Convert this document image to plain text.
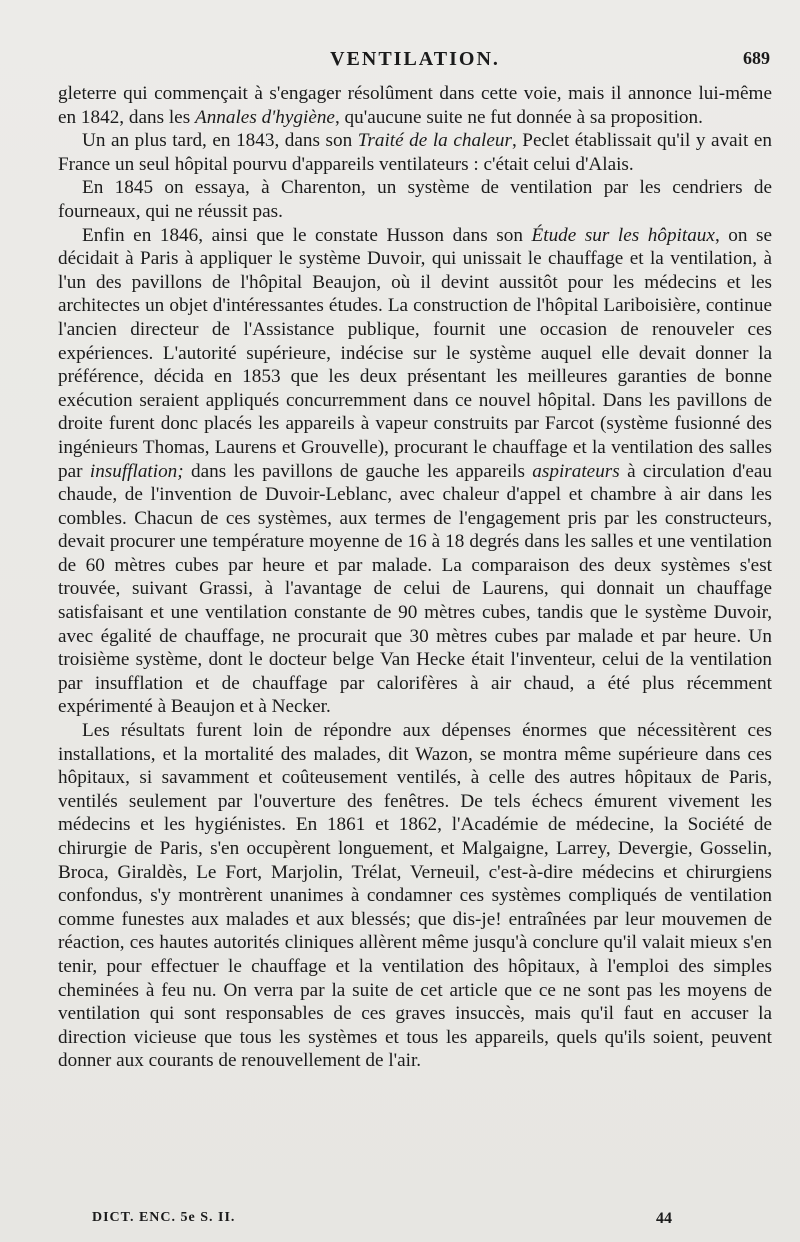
VENTILATION.	689

gleterre qui commençait à s'engager résolûment dans cette voie, mais il annonce lui-même en 1842, dans les Annales d'hygiène, qu'aucune suite ne fut donnée à sa proposition.

Un an plus tard, en 1843, dans son Traité de la chaleur, Peclet établissait qu'il y avait en France un seul hôpital pourvu d'appareils ventilateurs : c'était celui d'Alais.

En 1845 on essaya, à Charenton, un système de ventilation par les cendriers de fourneaux, qui ne réussit pas.

Enfin en 1846, ainsi que le constate Husson dans son Étude sur les hôpitaux, on se décidait à Paris à appliquer le système Duvoir, qui unissait le chauffage et la ventilation, à l'un des pavillons de l'hôpital Beaujon, où il devint aussitôt pour les médecins et les architectes un objet d'intéressantes études. La construction de l'hôpital Lariboisière, continue l'ancien directeur de l'Assistance publique, fournit une occasion de renouveler ces expériences. L'autorité supérieure, indécise sur le système auquel elle devait donner la préférence, décida en 1853 que les deux présentant les meilleures garanties de bonne exécution seraient appliqués concurremment dans ce nouvel hôpital. Dans les pavillons de droite furent donc placés les appareils à vapeur construits par Farcot (système fusionné des ingénieurs Thomas, Laurens et Grouvelle), procurant le chauffage et la ventilation des salles par insufflation; dans les pavillons de gauche les appareils aspirateurs à circulation d'eau chaude, de l'invention de Duvoir-Leblanc, avec chaleur d'appel et chambre à air dans les combles. Chacun de ces systèmes, aux termes de l'engagement pris par les constructeurs, devait procurer une température moyenne de 16 à 18 degrés dans les salles et une ventilation de 60 mètres cubes par heure et par malade. La comparaison des deux systèmes s'est trouvée, suivant Grassi, à l'avantage de celui de Laurens, qui donnait un chauffage satisfaisant et une ventilation constante de 90 mètres cubes, tandis que le système Duvoir, avec égalité de chauffage, ne procurait que 30 mètres cubes par malade et par heure. Un troisième système, dont le docteur belge Van Hecke était l'inventeur, celui de la ventilation par insufflation et de chauffage par calorifères à air chaud, a été plus récemment expérimenté à Beaujon et à Necker.

Les résultats furent loin de répondre aux dépenses énormes que nécessitèrent ces installations, et la mortalité des malades, dit Wazon, se montra même supérieure dans ces hôpitaux, si savamment et coûteusement ventilés, à celle des autres hôpitaux de Paris, ventilés seulement par l'ouverture des fenêtres. De tels échecs émurent vivement les médecins et les hygiénistes. En 1861 et 1862, l'Académie de médecine, la Société de chirurgie de Paris, s'en occupèrent longuement, et Malgaigne, Larrey, Devergie, Gosselin, Broca, Giraldès, Le Fort, Marjolin, Trélat, Verneuil, c'est-à-dire médecins et chirurgiens confondus, s'y montrèrent unanimes à condamner ces systèmes compliqués de ventilation comme funestes aux malades et aux blessés; que dis-je! entraînées par leur mouvemen de réaction, ces hautes autorités cliniques allèrent même jusqu'à conclure qu'il valait mieux s'en tenir, pour effectuer le chauffage et la ventilation des hôpitaux, à l'emploi des simples cheminées à feu nu. On verra par la suite de cet article que ce ne sont pas les moyens de ventilation qui sont responsables de ces graves insuccès, mais qu'il faut en accuser la direction vicieuse que tous les systèmes et tous les appareils, quels qu'ils soient, peuvent donner aux courants de renouvellement de l'air.

DICT. ENC. 5e S. II.	44
